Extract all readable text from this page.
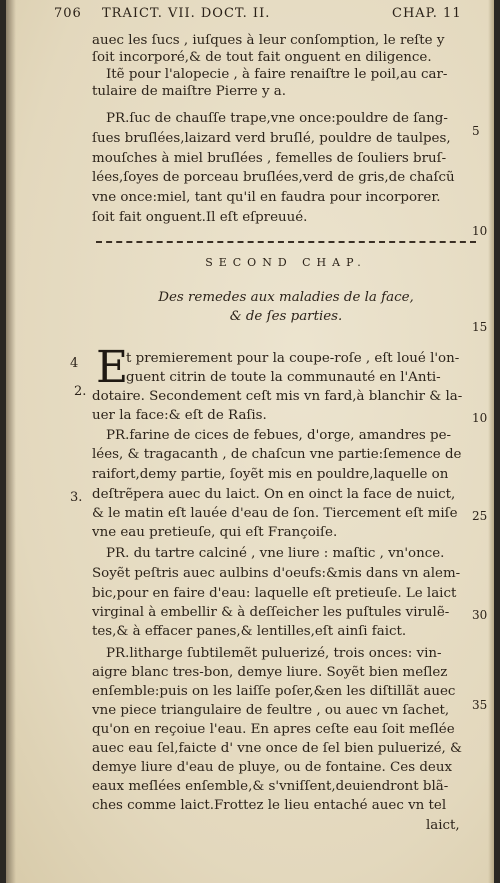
706 TRAICT. VII. DOCT. II.	CHAP. 11
auec les ſucs , iuſques à leur conſomption, le reſte y
ſoit incorporé,& de tout fait onguent en diligence.
Itẽ pour l'alopecie , à faire renaiſtre le poil,au car-
tulaire de maiſtre Pierre y a.
PR.ſuc de chauſſe trape,vne once:pouldre de ſang-
ſues bruſlées,laizard verd bruſlé, pouldre de taulpes,
mouſches à miel bruſlées , femelles de ſouliers bruſ-
lées,ſoyes de porceau bruſlées,verd de gris,de chaſcũ
vne once:miel, tant qu'il en faudra pour incorporer.
ſoit fait onguent.Il eſt eſpreuué.
SECOND CHAP.
Des remedes aux maladies de la face,
& de ſes parties.
E
t premierement pour la coupe-roſe , eſt loué l'on-
guent citrin de toute la communauté en l'Anti-
dotaire. Secondement ceſt mis vn fard,à blanchir & la-
uer la face:& eſt de Raſis.
PR.farine de cices de febues, d'orge, amandres pe-
lées, & tragacanth , de chaſcun vne partie:ſemence de
raifort,demy partie, ſoyẽt mis en pouldre,laquelle on
deſtrẽpera auec du laict. On en oinct la face de nuict,
& le matin eſt lauée d'eau de ſon. Tiercement eſt miſe
vne eau pretieuſe, qui eſt Françoiſe.
PR. du tartre calciné , vne liure : maſtic , vn'once.
Soyẽt peſtris auec aulbins d'oeufs:&mis dans vn alem-
bic,pour en faire d'eau: laquelle eſt pretieuſe. Le laict
virginal à embellir & à deſſeicher les puſtules virulẽ-
tes,& à effacer panes,& lentilles,eſt ainſi faict.
PR.litharge ſubtilemẽt puluerizé, trois onces: vin-
aigre blanc tres-bon, demye liure. Soyẽt bien meſlez
enſemble:puis on les laiſſe poſer,&en les diſtillãt auec
vne piece triangulaire de feultre , ou auec vn ſachet,
qu'on en reçoiue l'eau. En apres ceſte eau ſoit meſlée
auec eau ſel,faicte d' vne once de ſel bien puluerizé, &
demye liure d'eau de pluye, ou de fontaine. Ces deux
eaux meſlées enſemble,& s'vniſſent,deuiendront blã-
ches comme laict.Frottez le lieu entaché auec vn tel
laict,
5
10
15
10
25
30
35
4
2.
3.
